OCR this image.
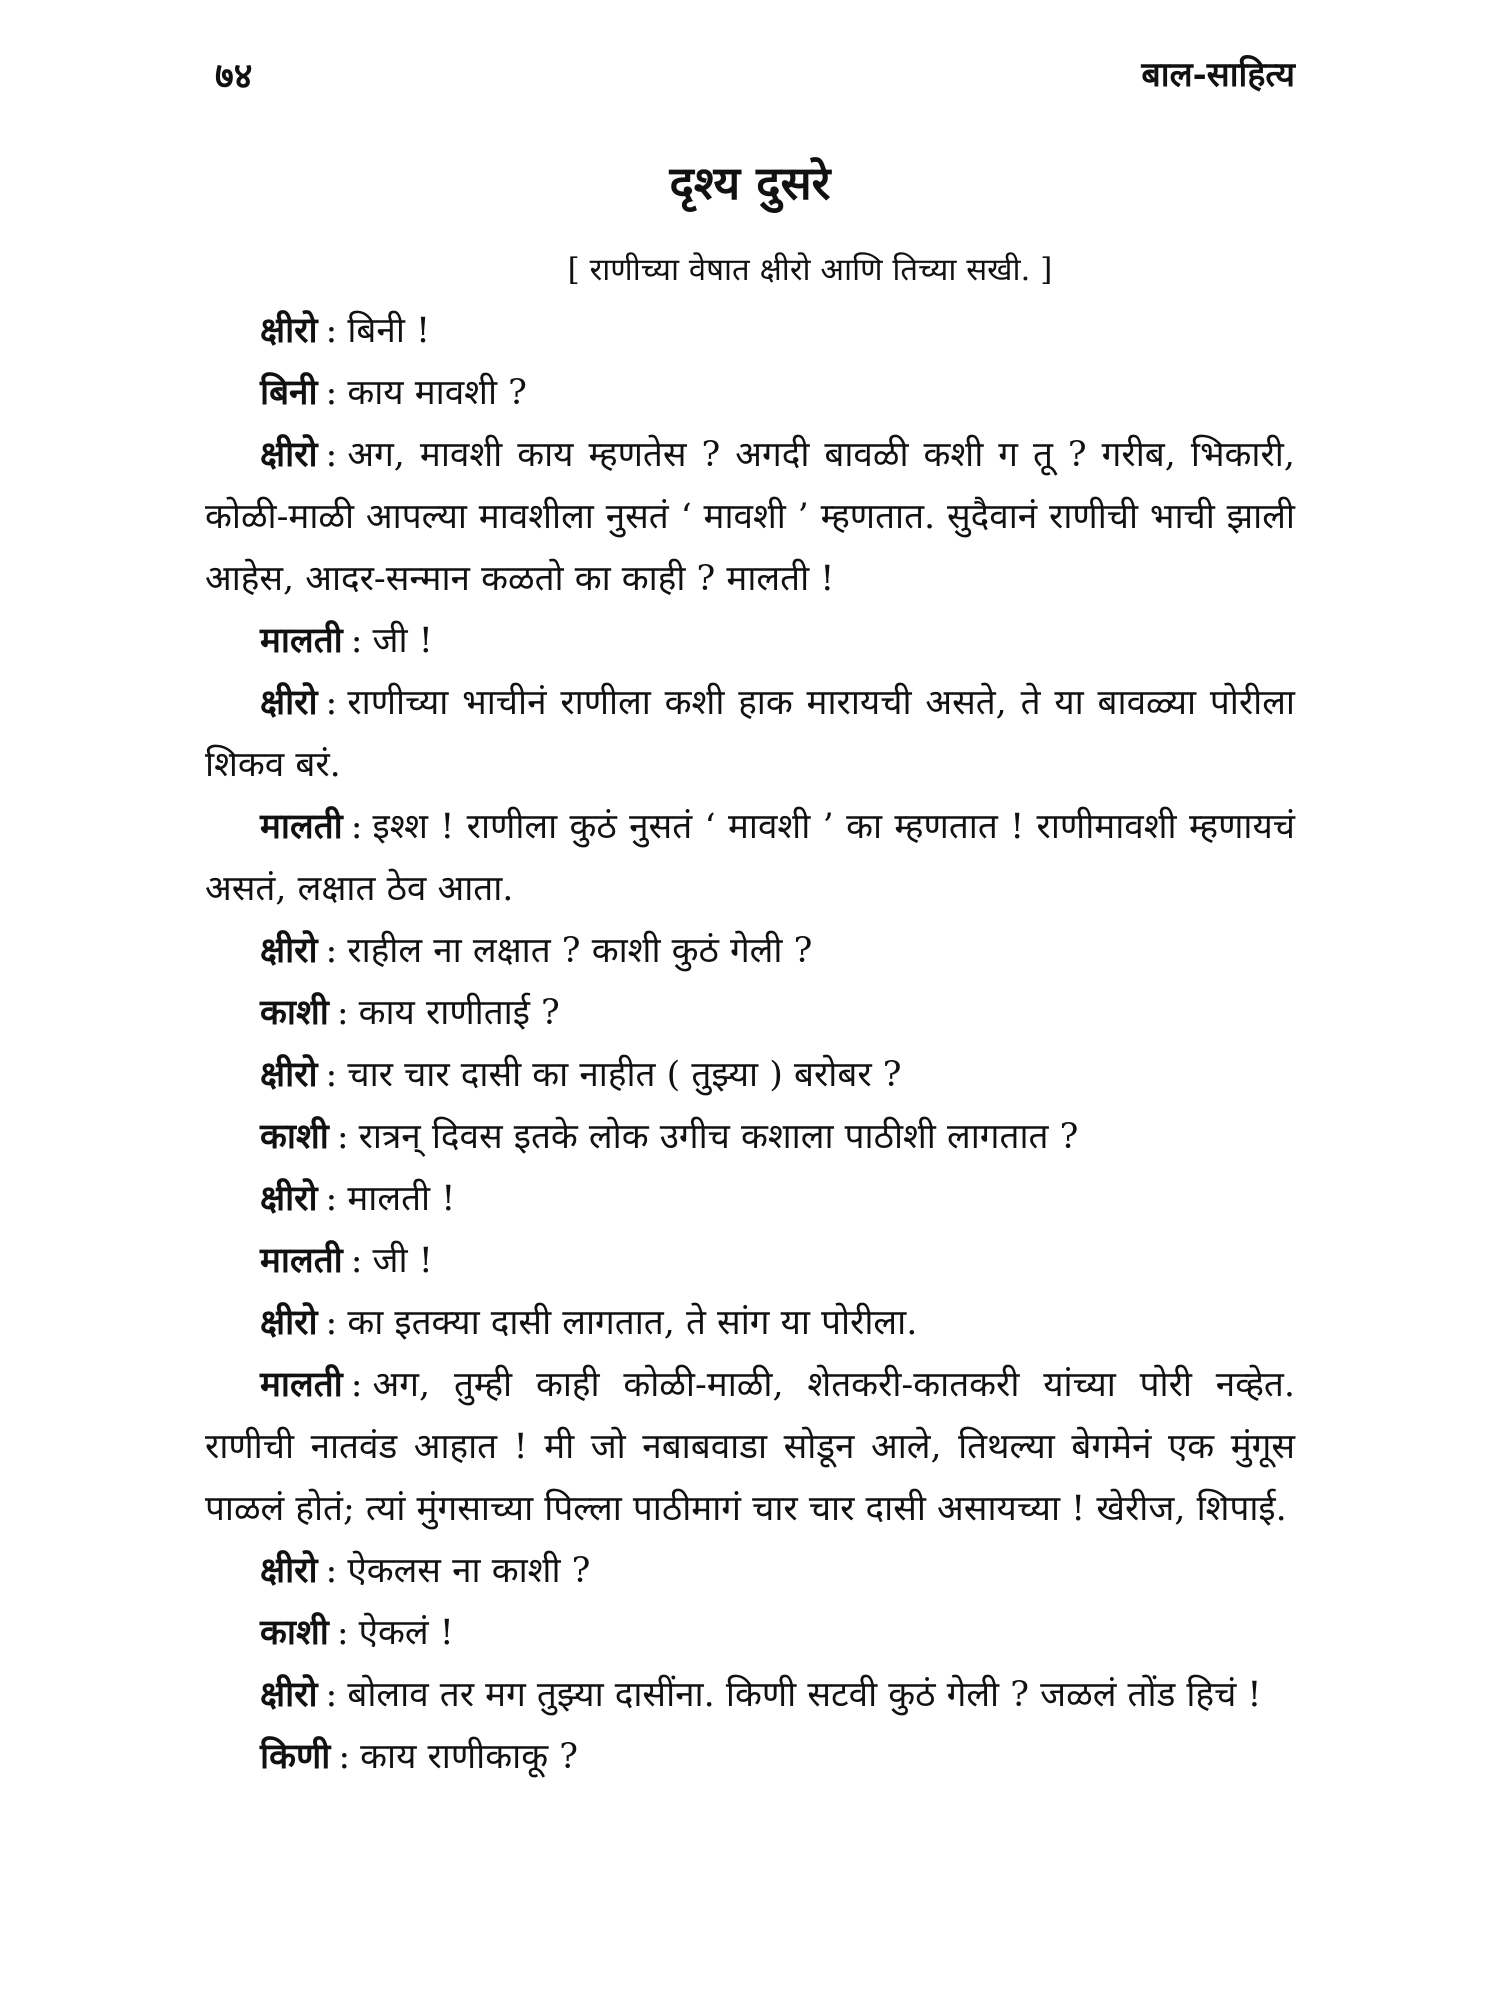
७४	बाल-साहित्य
दृश्य दुसरे
[ राणीच्या वेषात क्षीरो आणि तिच्या सखी. ]

क्षीरो : बिनी !

बिनी : काय मावशी ?

क्षीरो : अग, मावशी काय म्हणतेस ? अगदी बावळी कशी ग तू ? गरीब, भिकारी, कोळी-माळी आपल्या मावशीला नुसतं ‘ मावशी ’ म्हणतात. सुदैवानं राणीची भाची झाली आहेस, आदर-सन्मान कळतो का काही ? मालती !

मालती : जी !

क्षीरो : राणीच्या भाचीनं राणीला कशी हाक मारायची असते, ते या बावळ्या पोरीला शिकव बरं.

मालती : इश्श ! राणीला कुठं नुसतं ‘ मावशी ’ का म्हणतात ! राणीमावशी म्हणायचं असतं, लक्षात ठेव आता.

क्षीरो : राहील ना लक्षात ? काशी कुठं गेली ?

काशी : काय राणीताई ?

क्षीरो : चार चार दासी का नाहीत ( तुझ्या ) बरोबर ?

काशी : रात्रन् दिवस इतके लोक उगीच कशाला पाठीशी लागतात ?

क्षीरो : मालती !

मालती : जी !

क्षीरो : का इतक्या दासी लागतात, ते सांग या पोरीला.

मालती : अग, तुम्ही काही कोळी-माळी, शेतकरी-कातकरी यांच्या पोरी नव्हेत. राणीची नातवंड आहात ! मी जो नबाबवाडा सोडून आले, तिथल्या बेगमेनं एक मुंगूस पाळलं होतं; त्यां मुंगसाच्या पिल्ला पाठीमागं चार चार दासी असायच्या ! खेरीज, शिपाई.

क्षीरो : ऐकलस ना काशी ?

काशी : ऐकलं !

क्षीरो : बोलाव तर मग तुझ्या दासींना. किणी सटवी कुठं गेली ? जळलं तोंड हिचं !

किणी : काय राणीकाकू ?
